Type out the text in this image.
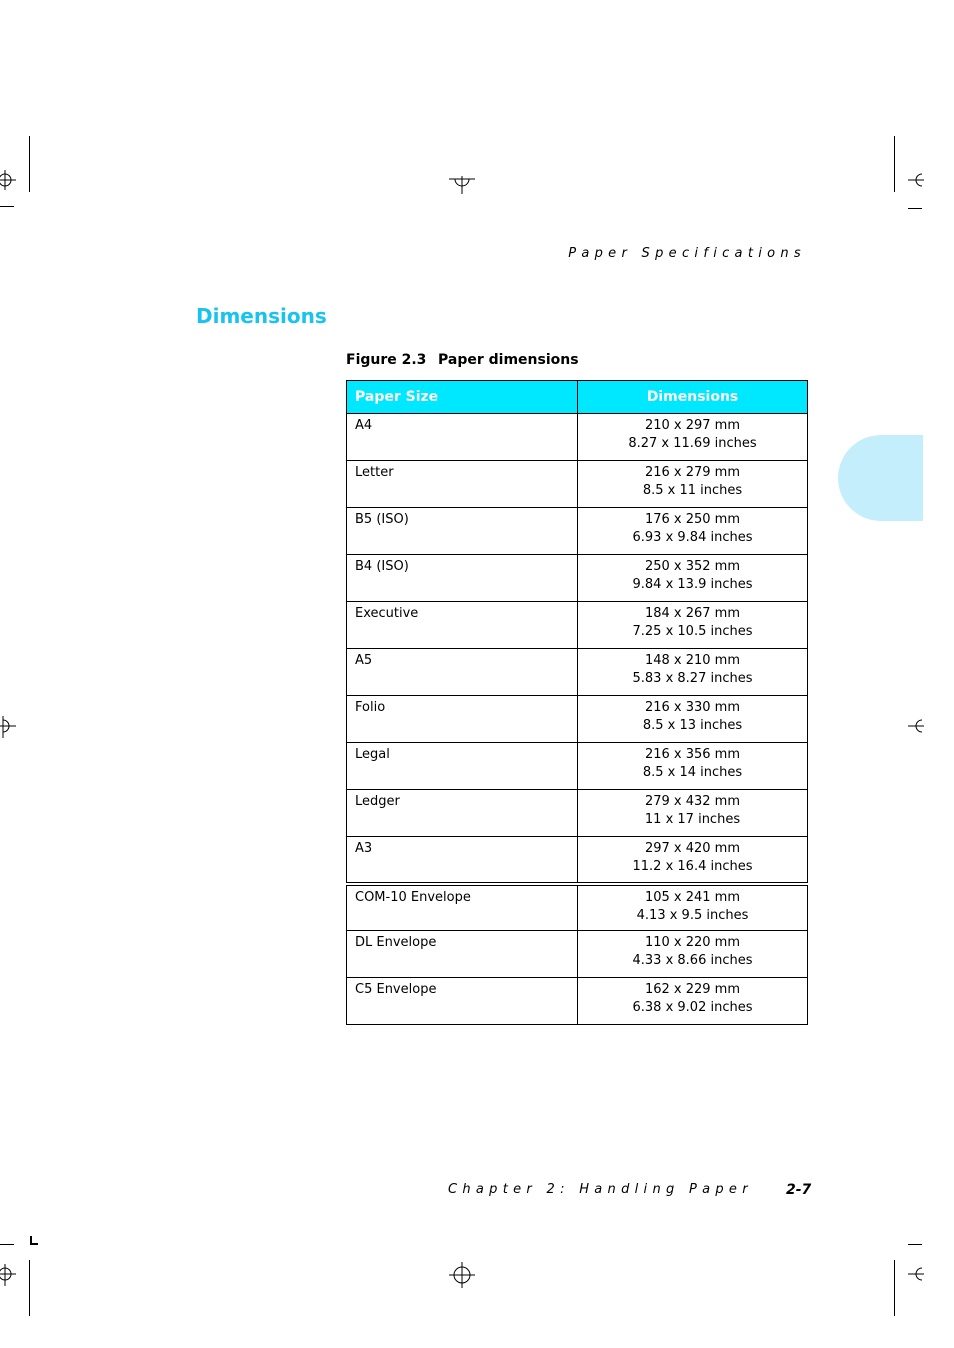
Paper Specifications
Dimensions
Figure 2.3 Paper dimensions
Paper Size	Dimensions
A4	210 x 297 mm
8.27 x 11.69 inches

Letter	216 x 279 mm
8.5 x 11 inches

B5 (ISO)	176 x 250 mm
6.93 x 9.84 inches

B4 (ISO)	250 x 352 mm
9.84 x 13.9 inches

Executive	184 x 267 mm
7.25 x 10.5 inches

A5	148 x 210 mm
5.83 x 8.27 inches

Folio	216 x 330 mm
8.5 x 13 inches

Legal	216 x 356 mm
8.5 x 14 inches

Ledger	279 x 432 mm
11 x 17 inches

A3	297 x 420 mm
11.2 x 16.4 inches

COM-10 Envelope	105 x 241 mm
4.13 x 9.5 inches

DL Envelope	110 x 220 mm
4.33 x 8.66 inches

C5 Envelope	162 x 229 mm
6.38 x 9.02 inches
Chapter 2: Handling Paper 2-7
